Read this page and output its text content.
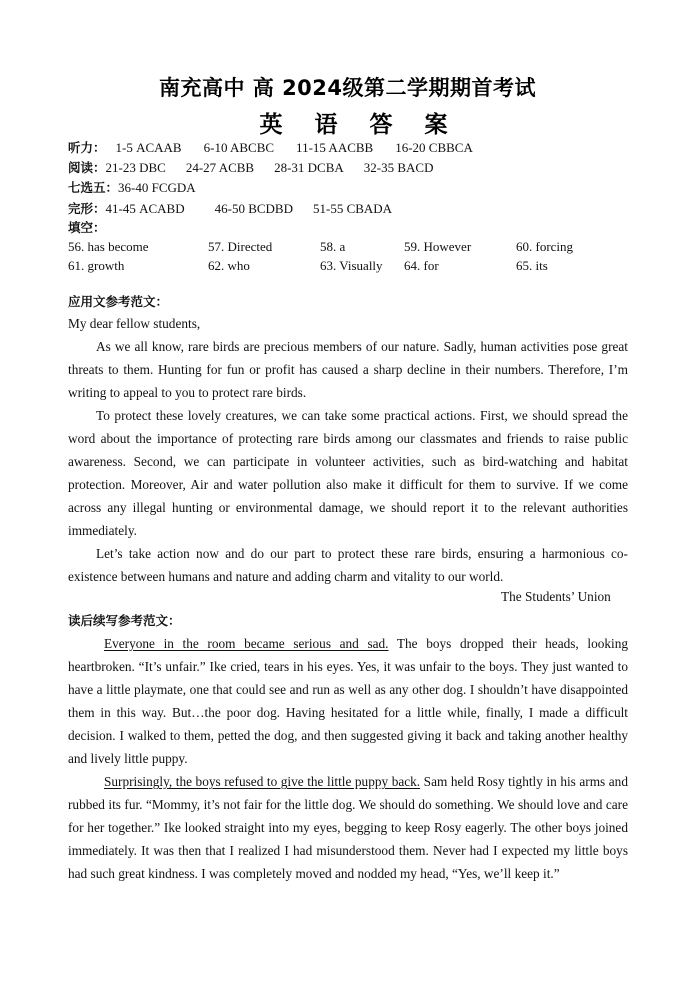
南充高中 高 2024级第二学期期首考试
英 语 答 案
听力： 1-5 ACAAB 6-10 ABCBC 11-15 AACBB 16-20 CBBCA
阅读：21-23 DBC 24-27 ACBB 28-31 DCBA 32-35 BACD
七选五：36-40 FCGDA
完形：41-45 ACABD 46-50 BCDBD 51-55 CBADA
填空：
56. has become	57. Directed	58. a	59. However	60. forcing
61. growth	62. who	63. Visually 64. for	65. its
应用文参考范文：
My dear fellow students,
As we all know, rare birds are precious members of our nature. Sadly, human activities pose great threats to them. Hunting for fun or profit has caused a sharp decline in their numbers. Therefore, I’m writing to appeal to you to protect rare birds.
To protect these lovely creatures, we can take some practical actions. First, we should spread the word about the importance of protecting rare birds among our classmates and friends to raise public awareness. Second, we can participate in volunteer activities, such as bird-watching and habitat protection. Moreover, Air and water pollution also make it difficult for them to survive. If we come across any illegal hunting or environmental damage, we should report it to the relevant authorities immediately.
Let’s take action now and do our part to protect these rare birds, ensuring a harmonious co-existence between humans and nature and adding charm and vitality to our world.
The Students’ Union
读后续写参考范文：
Everyone in the room became serious and sad. The boys dropped their heads, looking heartbroken. “It’s unfair.” Ike cried, tears in his eyes. Yes, it was unfair to the boys. They just wanted to have a little playmate, one that could see and run as well as any other dog. I shouldn’t have disappointed them in this way. But…the poor dog. Having hesitated for a little while, finally, I made a difficult decision. I walked to them, petted the dog, and then suggested giving it back and taking another healthy and lively little puppy.
Surprisingly, the boys refused to give the little puppy back. Sam held Rosy tightly in his arms and rubbed its fur. “Mommy, it’s not fair for the little dog. We should do something. We should love and care for her together.” Ike looked straight into my eyes, begging to keep Rosy eagerly. The other boys joined immediately. It was then that I realized I had misunderstood them. Never had I expected my little boys had such great kindness. I was completely moved and nodded my head, “Yes, we’ll keep it.”
